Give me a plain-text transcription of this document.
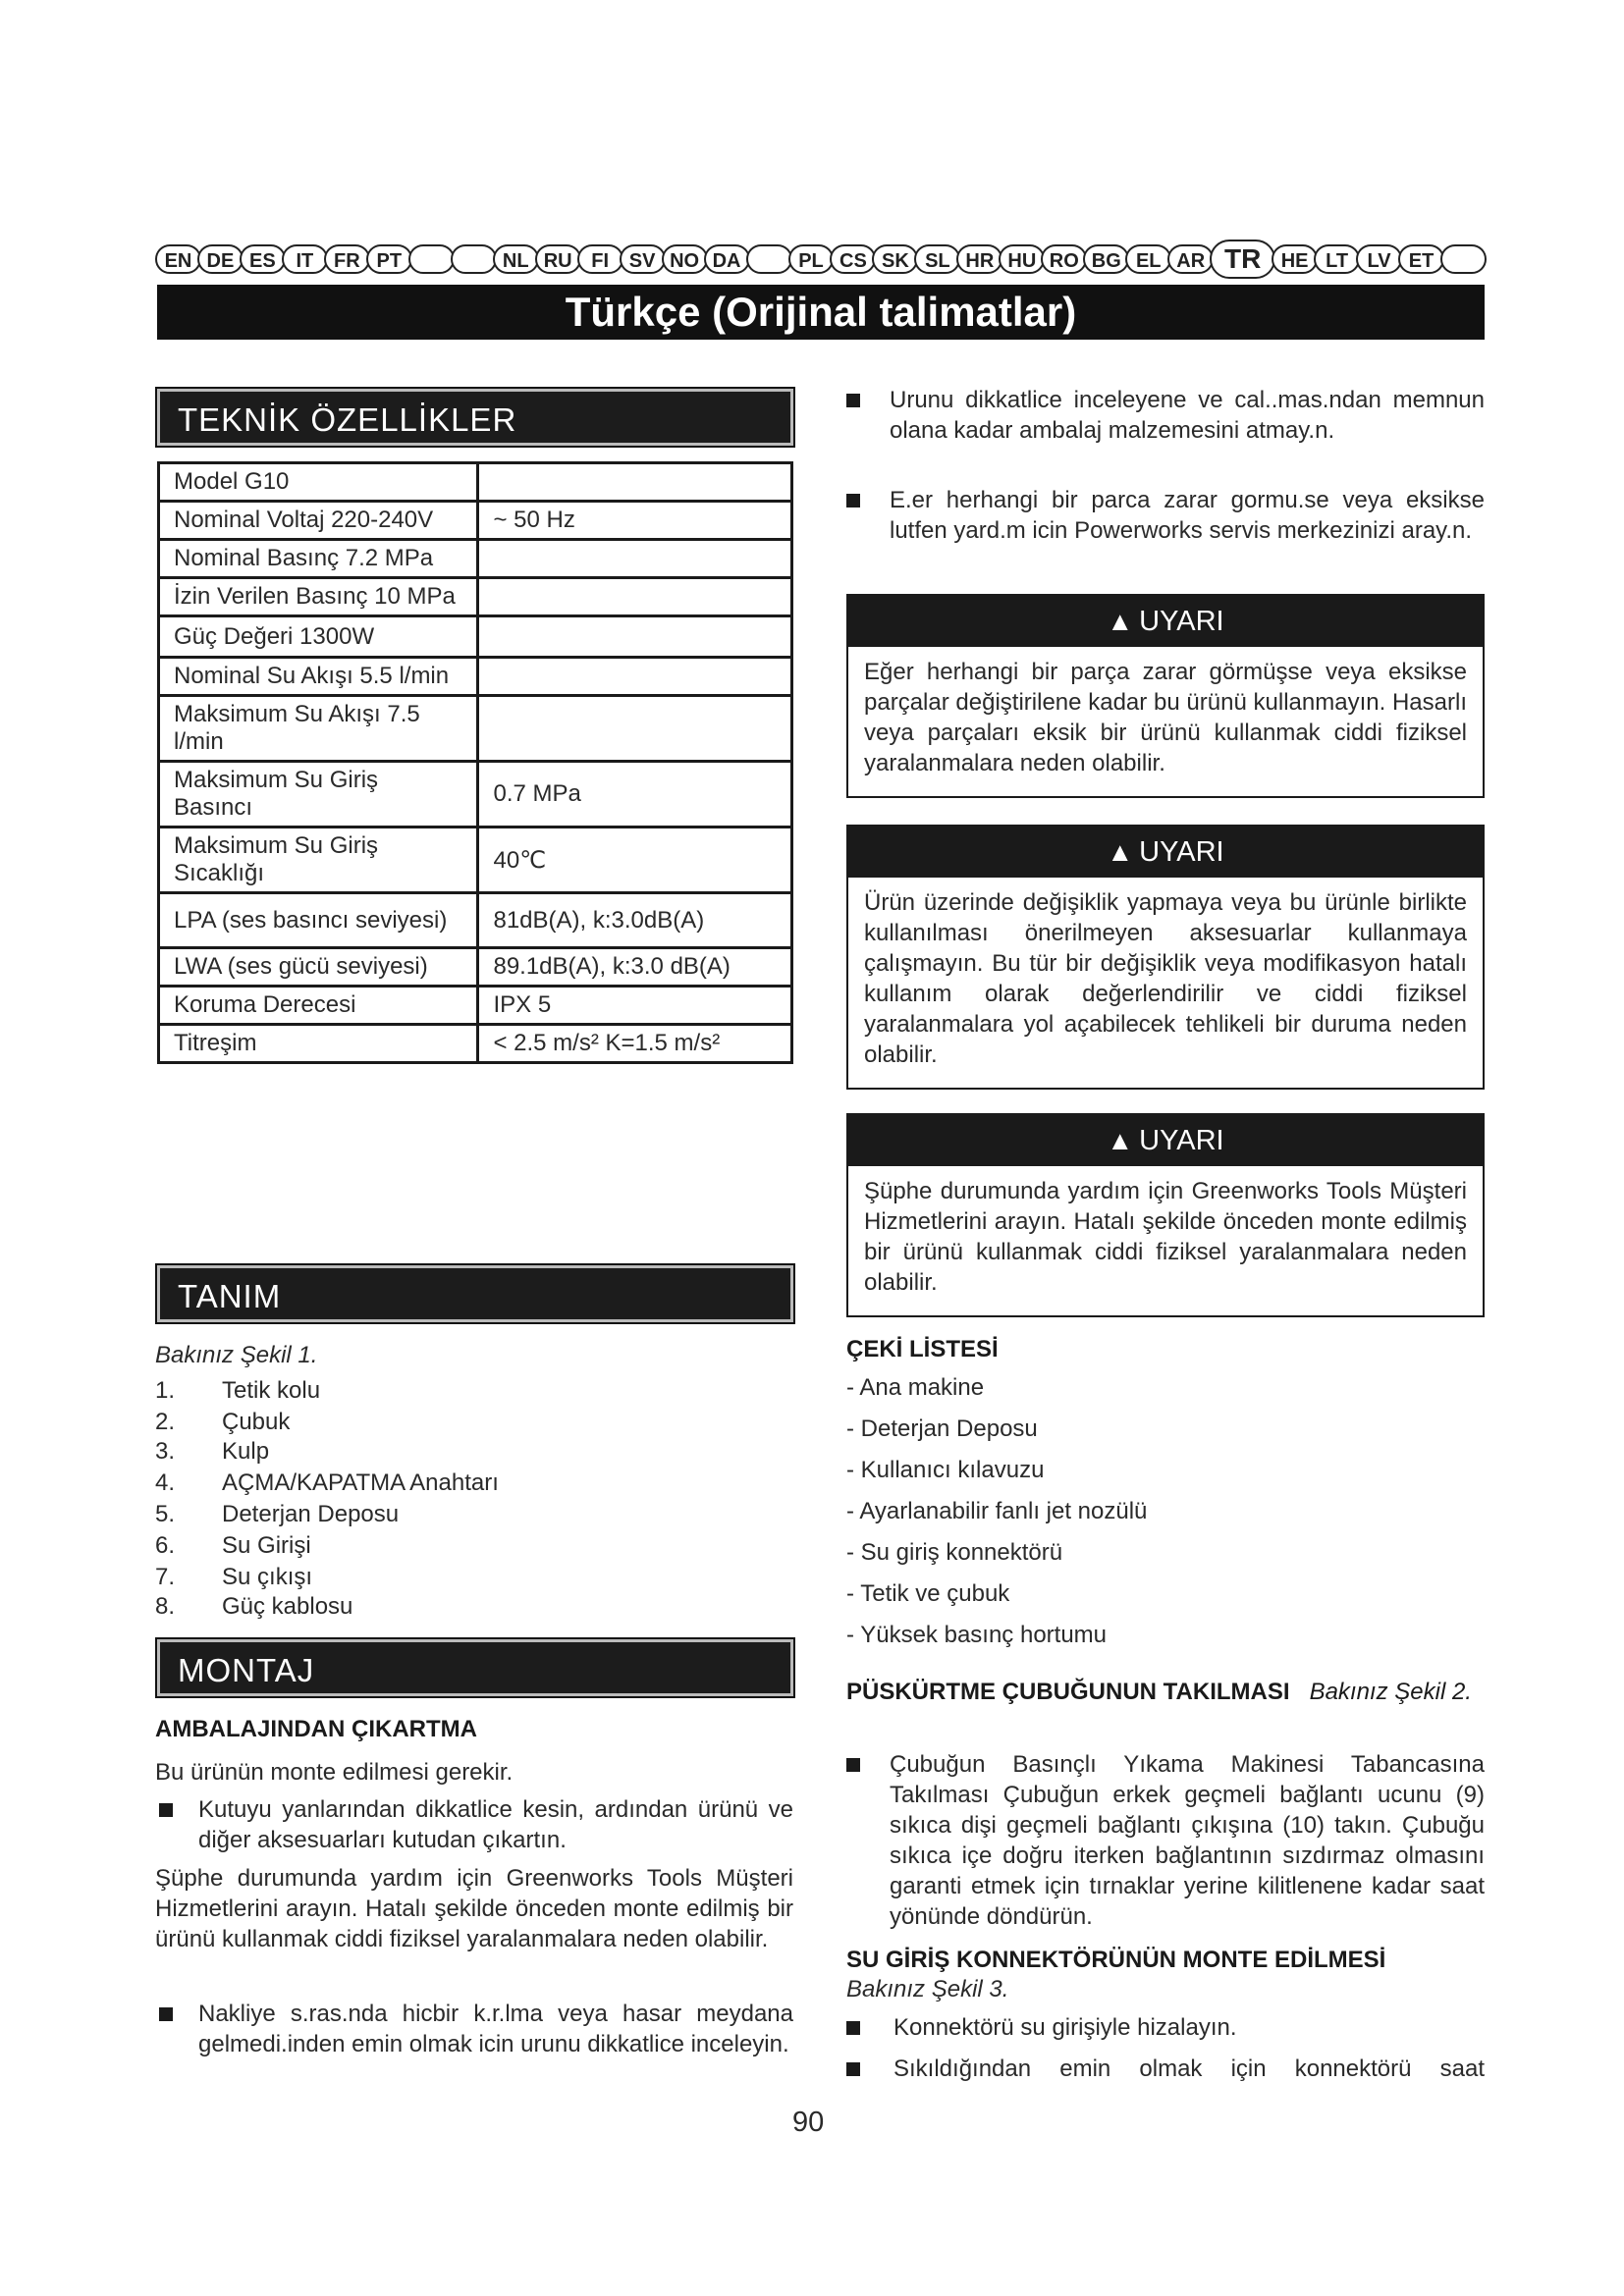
EN DE ES	IT	FR PT	NL RU FI	SV NO DA	PL CS SK SL HR HU RO BG EL AR TR	HE LT LV ET
Türkçe (Orijinal talimatlar)
TEKNİK ÖZELLİKLER
Model G10	
Nominal Voltaj 220-240V	~ 50 Hz
Nominal Basınç 7.2 MPa	
İzin Verilen Basınç 10 MPa	
Güç Değeri 1300W	
Nominal Su Akışı 5.5 l/min	
Maksimum Su Akışı 7.5 l/min	
Maksimum Su Giriş Basıncı	0.7 MPa
Maksimum Su Giriş Sıcaklığı	40℃
LPA (ses basıncı seviyesi)	81dB(A), k:3.0dB(A)
LWA (ses gücü seviyesi)	89.1dB(A), k:3.0 dB(A)
Koruma Derecesi	IPX 5
Titreşim	< 2.5 m/s² K=1.5 m/s²
TANIM
Bakınız Şekil 1.
1. Tetik kolu
2. Çubuk
3. Kulp
4. AÇMA/KAPATMA Anahtarı
5. Deterjan Deposu
6. Su Girişi
7. Su çıkışı
8. Güç kablosu
MONTAJ
AMBALAJINDAN ÇIKARTMA
Bu ürünün monte edilmesi gerekir.
Kutuyu yanlarından dikkatlice kesin, ardından ürünü ve diğer aksesuarları kutudan çıkartın.
Şüphe durumunda yardım için Greenworks Tools Müşteri Hizmetlerini arayın. Hatalı şekilde önceden monte edilmiş bir ürünü kullanmak ciddi fiziksel yaralanmalara neden olabilir.
Nakliye s.ras.nda hicbir k.r.lma veya hasar meydana gelmedi.inden emin olmak icin urunu dikkatlice inceleyin.
Urunu dikkatlice inceleyene ve cal..mas.ndan memnun olana kadar ambalaj malzemesini atmay.n.
E.er herhangi bir parca zarar gormu.se veya eksikse lutfen yard.m icin Powerworks servis merkezinizi aray.n.
▲ UYARI
Eğer herhangi bir parça zarar görmüşse veya eksikse parçalar değiştirilene kadar bu ürünü kullanmayın. Hasarlı veya parçaları eksik bir ürünü kullanmak ciddi fiziksel yaralanmalara neden olabilir.
▲ UYARI
Ürün üzerinde değişiklik yapmaya veya bu ürünle birlikte kullanılması önerilmeyen aksesuarlar kullanmaya çalışmayın. Bu tür bir değişiklik veya modifikasyon hatalı kullanım olarak değerlendirilir ve ciddi fiziksel yaralanmalara yol açabilecek tehlikeli bir duruma neden olabilir.
▲ UYARI
Şüphe durumunda yardım için Greenworks Tools Müşteri Hizmetlerini arayın. Hatalı şekilde önceden monte edilmiş bir ürünü kullanmak ciddi fiziksel yaralanmalara neden olabilir.
ÇEKİ LİSTESİ
- Ana makine
- Deterjan Deposu
- Kullanıcı kılavuzu
- Ayarlanabilir fanlı jet nozülü
- Su giriş konnektörü
- Tetik ve çubuk
- Yüksek basınç hortumu
PÜSKÜRTME ÇUBUĞUNUN TAKILMASI Bakınız Şekil 2.
Çubuğun Basınçlı Yıkama Makinesi Tabancasına Takılması Çubuğun erkek geçmeli bağlantı ucunu (9) sıkıca dişi geçmeli bağlantı çıkışına (10) takın. Çubuğu sıkıca içe doğru iterken bağlantının sızdırmaz olmasını garanti etmek için tırnaklar yerine kilitlenene kadar saat yönünde döndürün.
SU GİRİŞ KONNEKTÖRÜNÜN MONTE EDİLMESİ
Bakınız Şekil 3.
Konnektörü su girişiyle hizalayın.
Sıkıldığından emin olmak için konnektörü saat
90
